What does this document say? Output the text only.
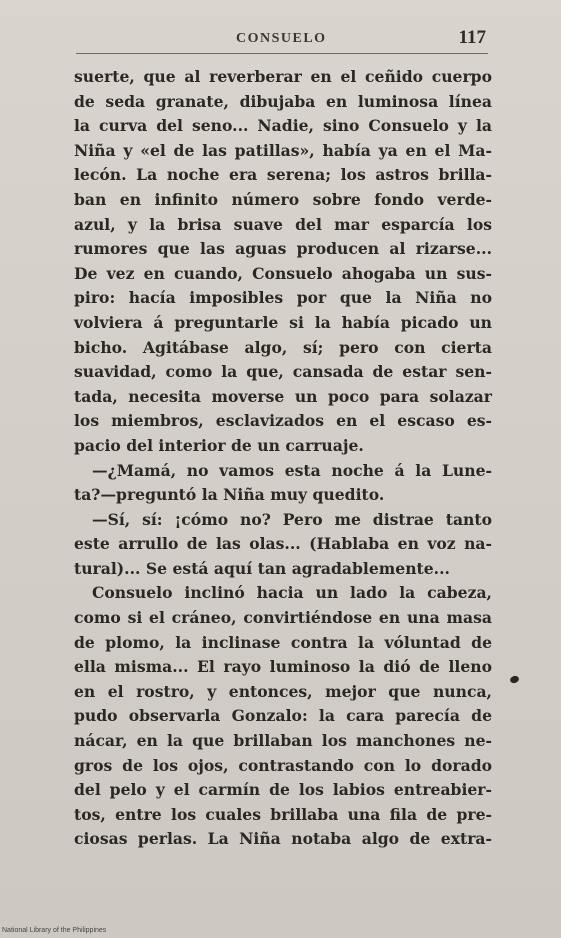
CONSUELO	117
suerte, que al reverberar en el ceñido cuerpo
de seda granate, dibujaba en luminosa línea
la curva del seno... Nadie, sino Consuelo y la
Niña y «el de las patillas», había ya en el Ma-
lecón. La noche era serena; los astros brilla-
ban en infinito número sobre fondo verde-
azul, y la brisa suave del mar esparcía los
rumores que las aguas producen al rizarse...
De vez en cuando, Consuelo ahogaba un sus-
piro: hacía imposibles por que la Niña no
volviera á preguntarle si la había picado un
bicho. Agitábase algo, sí; pero con cierta
suavidad, como la que, cansada de estar sen-
tada, necesita moverse un poco para solazar
los miembros, esclavizados en el escaso es-
pacio del interior de un carruaje.
—¿Mamá, no vamos esta noche á la Lune-
ta?—preguntó la Niña muy quedito.
—Sí, sí: ¡cómo no? Pero me distrae tanto
este arrullo de las olas... (Hablaba en voz na-
tural)... Se está aquí tan agradablemente...
Consuelo inclinó hacia un lado la cabeza,
como si el cráneo, convirtiéndose en una masa
de plomo, la inclinase contra la vóluntad de
ella misma... El rayo luminoso la dió de lleno
en el rostro, y entonces, mejor que nunca,
pudo observarla Gonzalo: la cara parecía de
nácar, en la que brillaban los manchones ne-
gros de los ojos, contrastando con lo dorado
del pelo y el carmín de los labios entreabier-
tos, entre los cuales brillaba una fila de pre-
ciosas perlas. La Niña notaba algo de extra-
National Library of the Philippines
